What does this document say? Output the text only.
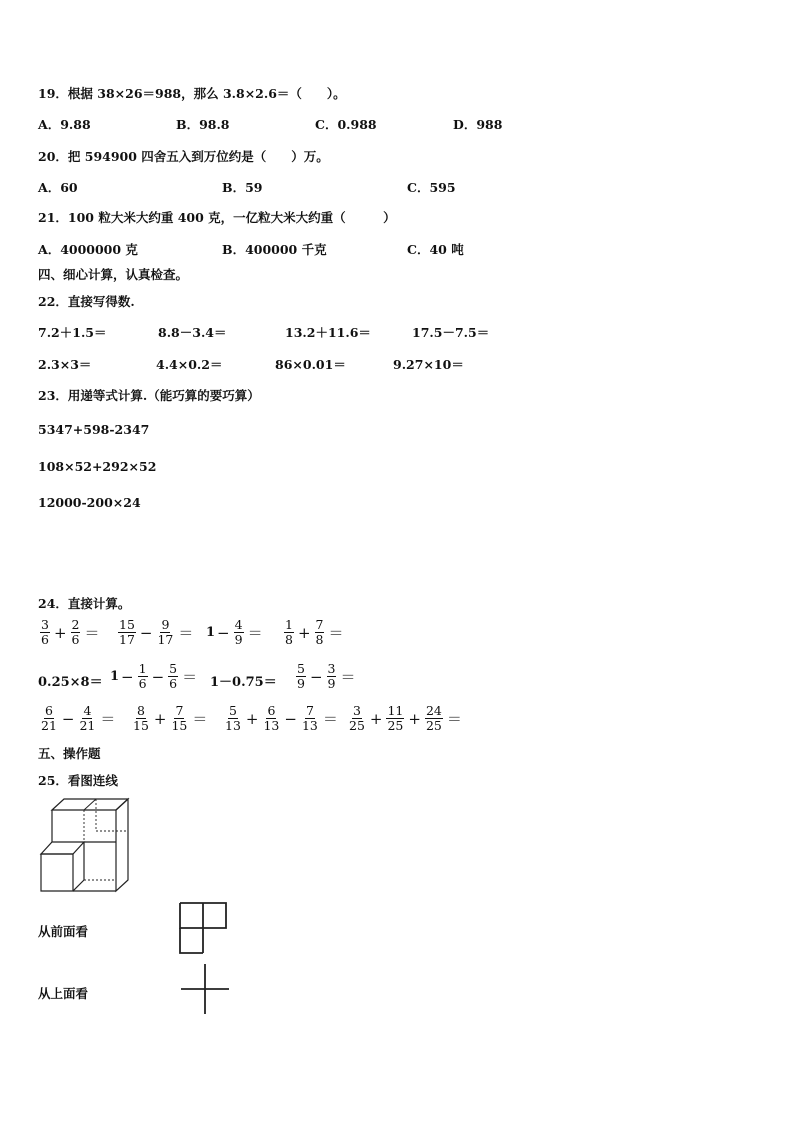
19．根据 38×26＝988，那么 3.8×2.6＝（　　）。
A．9.88	B．98.8	C．0.988	D．988
20．把 594900 四舍五入到万位约是（　　）万。
A．60	B．59	C．595
21．100 粒大米大约重 400 克，一亿粒大米大约重（　　　）
A．4000000 克	B．400000 千克	C．40 吨
四、细心计算，认真检查。
22．直接写得数.
7.2＋1.5＝	8.8－3.4＝	13.2＋11.6＝	17.5－7.5＝
2.3×3＝	4.4×0.2＝	86×0.01＝	9.27×10＝
23．用递等式计算.（能巧算的要巧算）
5347+598-2347
108×52+292×52
12000-200×24
24．直接计算。
$\frac{3}{6} + \frac{2}{6} = \frac{15}{17} - \frac{9}{17} = 1 - \frac{4}{9} = \frac{1}{8} + \frac{7}{8}$ ＝
$0.25\times 8= 1 - \frac{1}{6} - \frac{5}{6} = 1-0.75= \frac{5}{9} - \frac{3}{9}$ ＝
$\frac{6}{21} - \frac{4}{21} = \frac{8}{15} + \frac{7}{15} = \frac{5}{13} + \frac{6}{13} - \frac{7}{13} = \frac{3}{25} + \frac{11}{25} + \frac{24}{25}$ ＝
五、操作题
25．看图连线
从前面看
从上面看
